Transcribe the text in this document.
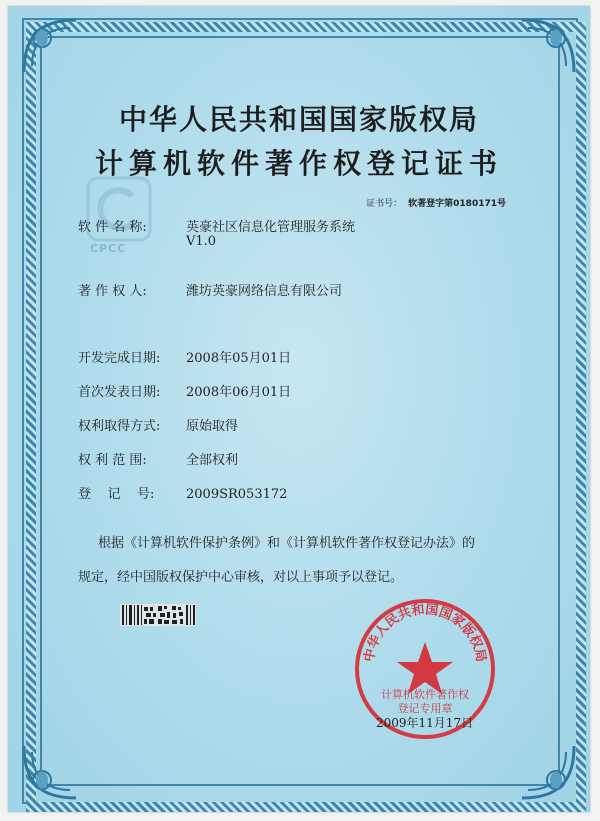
CPCC
中华人民共和国国家版权局
计算机软件著作权登记证书
证书号： 软著登字第0180171号
软 件 名 称:	英豪社区信息化管理服务系统
V1.0
著 作 权 人:	潍坊英豪网络信息有限公司
开发完成日期: 2008年05月01日
首次发表日期: 2008年06月01日
权利取得方式: 原始取得
权 利 范 围:	全部权利
登    记    号: 2009SR053172
根据《计算机软件保护条例》和《计算机软件著作权登记办法》的
规定，经中国版权保护中心审核，对以上事项予以登记。
中华人民共和国国家版权局
计算机软件著作权
登记专用章
2009年11月17日
